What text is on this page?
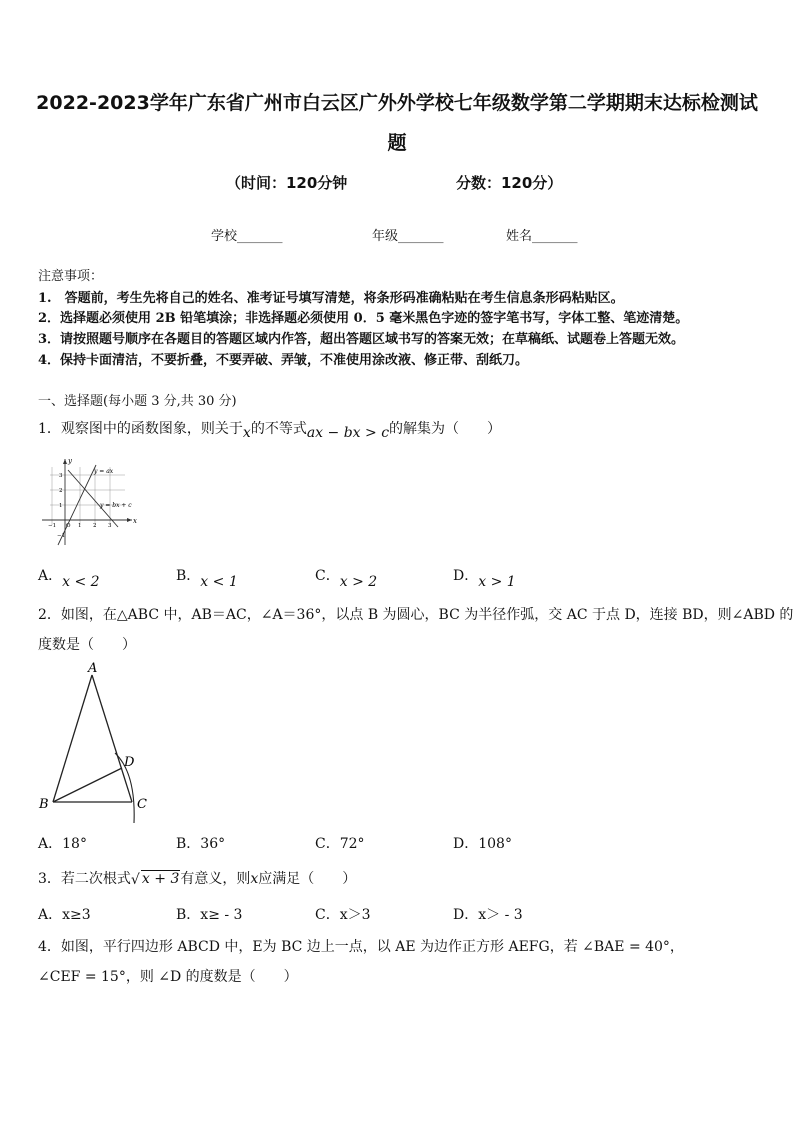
2022-2023学年广东省广州市白云区广外外学校七年级数学第二学期期末达标检测试
题
（时间：120分钟	分数：120分）
学校_______	年级_______	姓名_______
注意事项：
1.　答题前，考生先将自己的姓名、准考证号填写清楚，将条形码准确粘贴在考生信息条形码粘贴区。
2．选择题必须使用 2B 铅笔填涂；非选择题必须使用 0．5 毫米黑色字迹的签字笔书写，字体工整、笔迹清楚。
3．请按照题号顺序在各题目的答题区域内作答，超出答题区域书写的答案无效；在草稿纸、试题卷上答题无效。
4．保持卡面清洁，不要折叠，不要弄破、弄皱，不准使用涂改液、修正带、刮纸刀。
一、选择题(每小题 3 分,共 30 分)
1．观察图中的函数图象，则关于x的不等式ax − bx > c的解集为（　　）
y = ax
y = bx + c
x
y
O
−1	1 2 3
3
2
1
−1
A．x < 2	B．x < 1	C．x > 2	D．x > 1
2．如图，在△ABC 中，AB＝AC，∠A＝36°，以点 B 为圆心，BC 为半径作弧，交 AC 于点 D，连接 BD，则∠ABD 的
度数是（　　）
A
B	C
D
A．18°	B．36°	C．72°	D．108°
3．若二次根式 √ x + 3有意义，则x应满足（　　）
A．x≥3	B．x≥ - 3	C．x＞3	D．x＞ - 3
4．如图，平行四边形 ABCD 中，E为 BC 边上一点，以 AE 为边作正方形 AEFG，若 ∠BAE = 40°，
∠CEF = 15°，则 ∠D 的度数是（　　）
